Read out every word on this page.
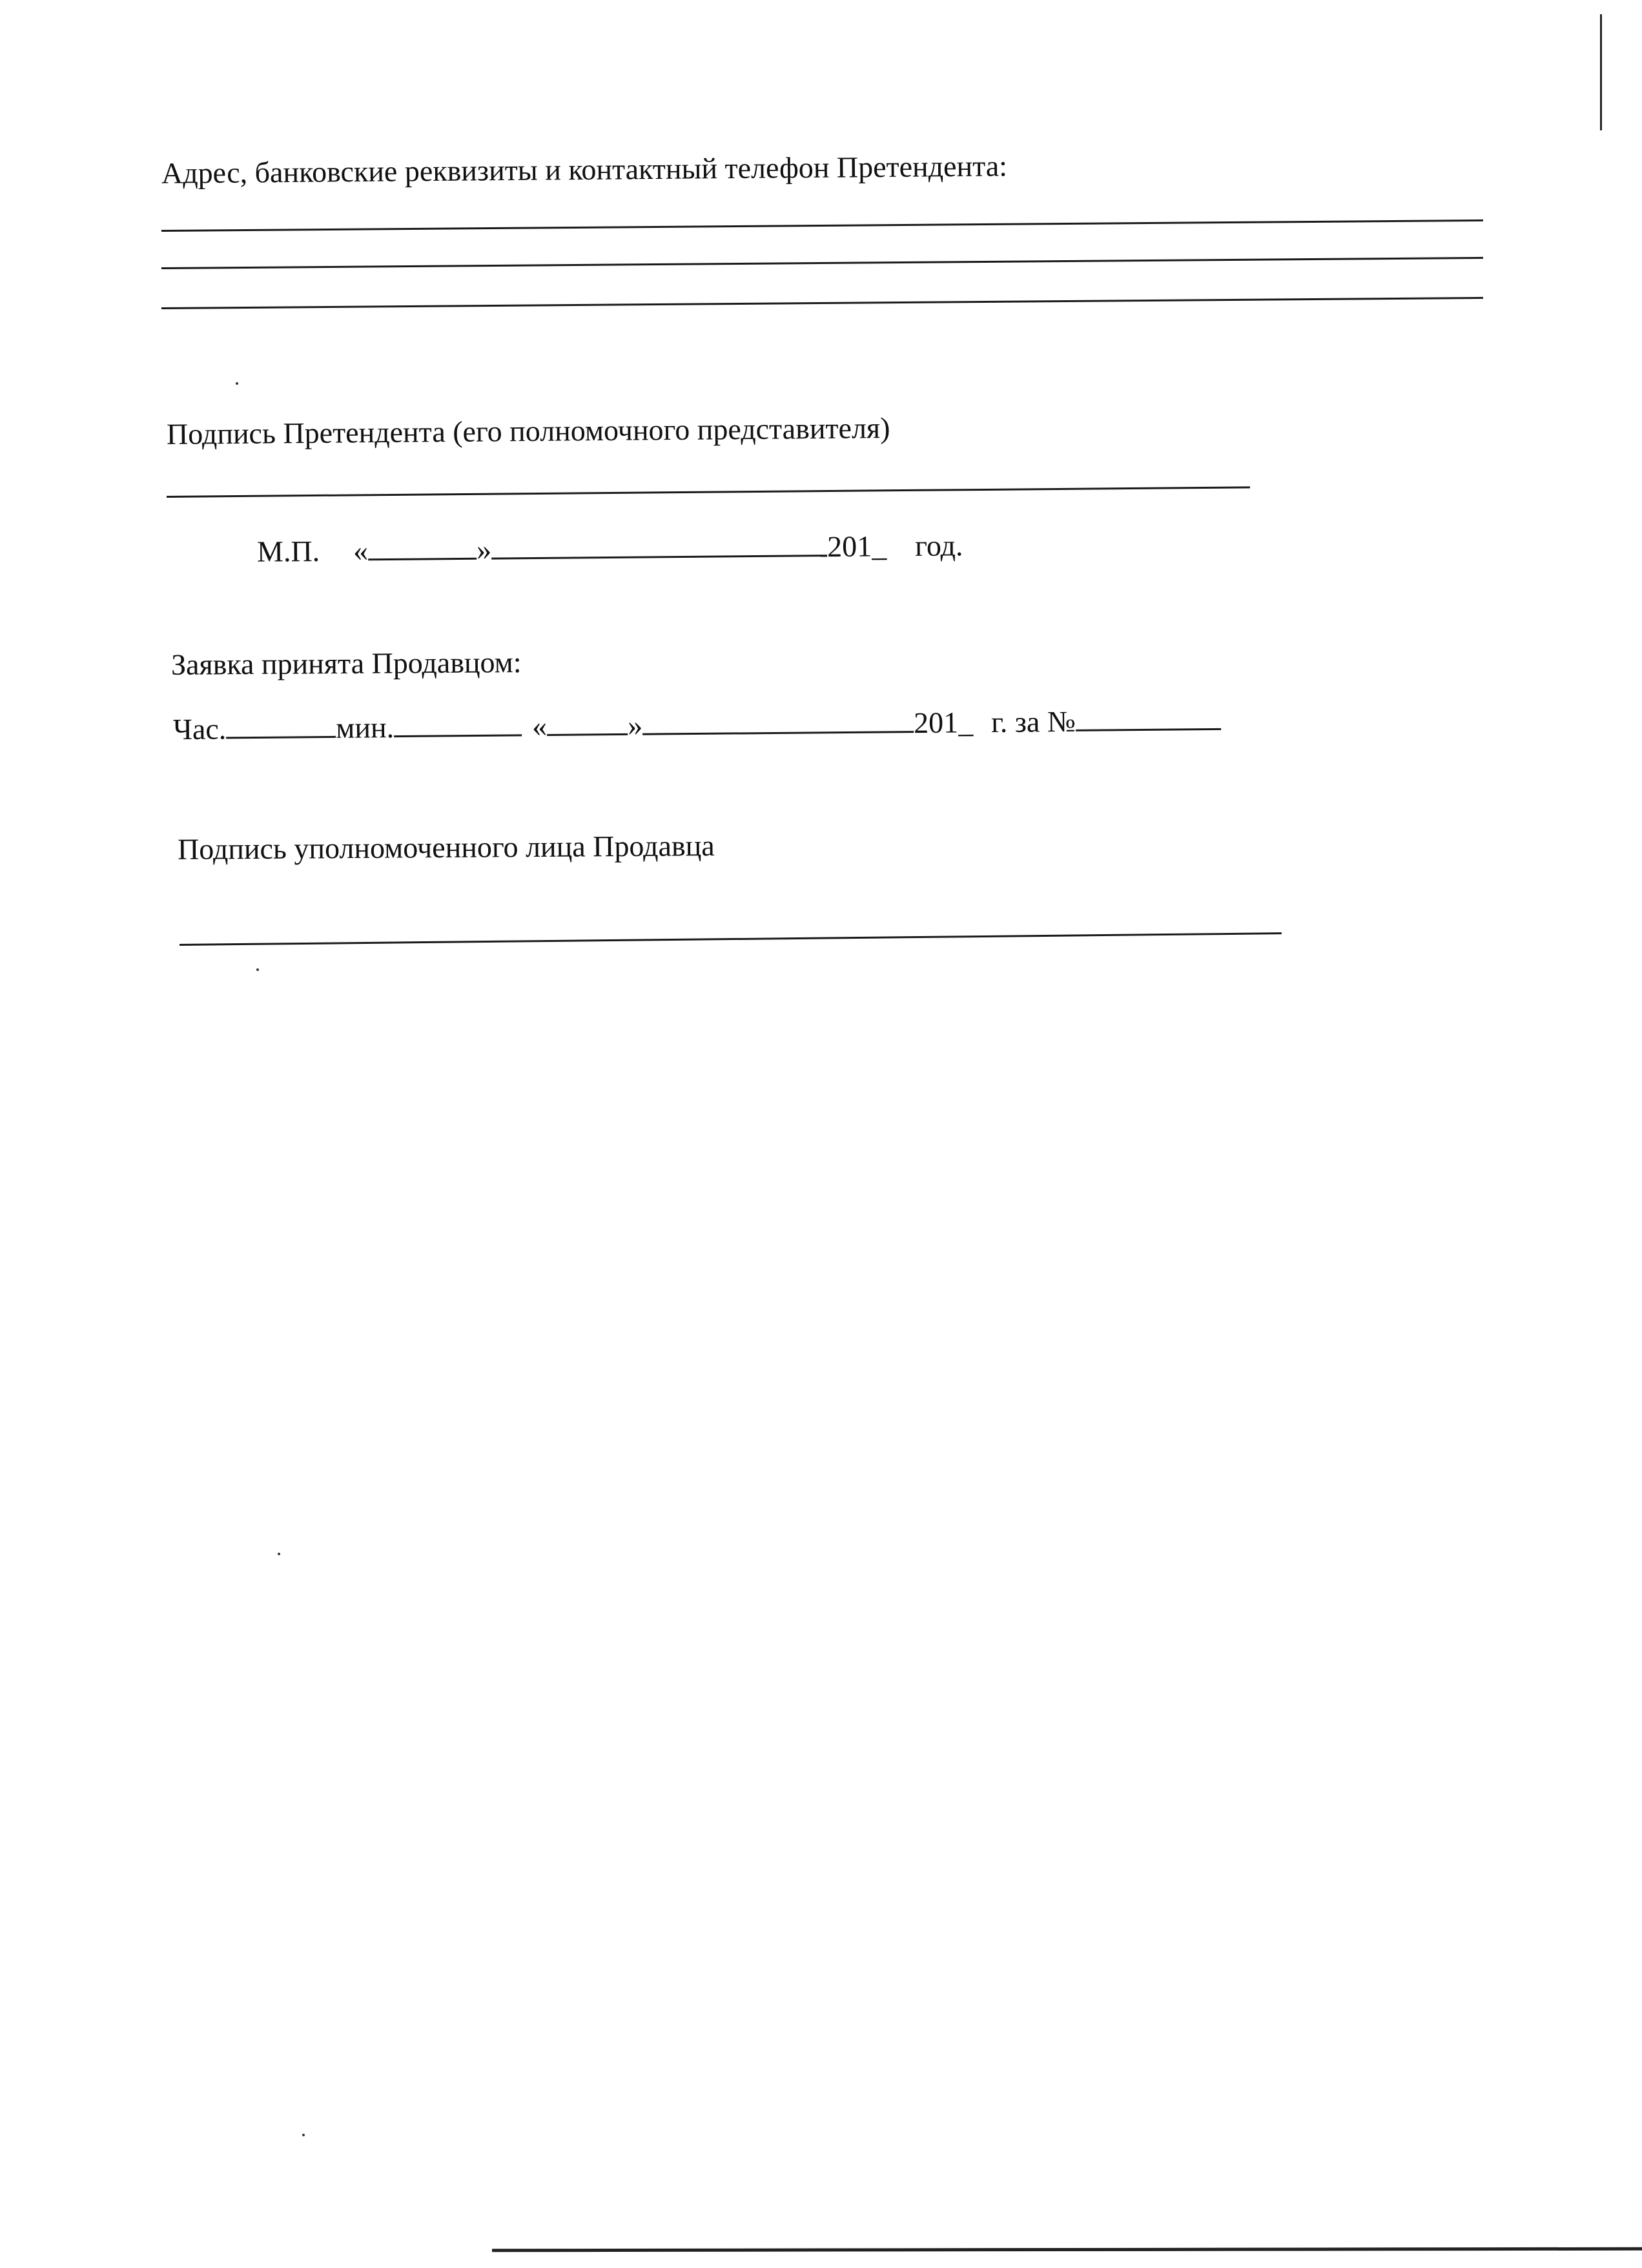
Адрес, банковские реквизиты и контактный телефон Претендента:
Подпись Претендента (его полномочного представителя)
М.П. «	»	201_ год.
Заявка принята Продавцом:
Час.	мин.	«	»	201_ г. за №
Подпись уполномоченного лица Продавца
